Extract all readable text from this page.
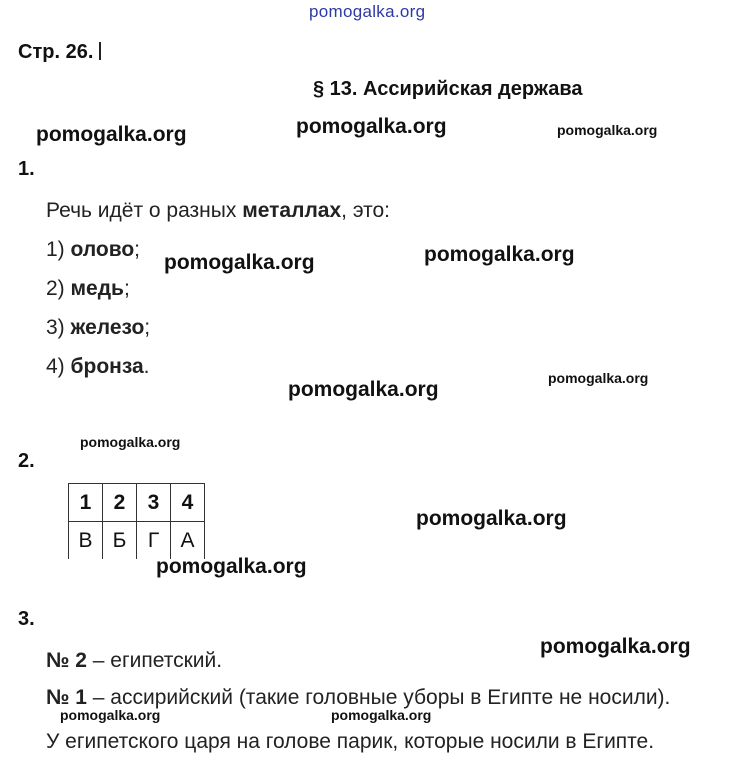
pomogalka.org
Стр. 26.
§ 13. Ассирийская держава
pomogalka.org	pomogalka.org	pomogalka.org
1.
Речь идёт о разных металлах, это:
1) олово;
2) медь;
3) железо;
4) бронза.
pomogalka.org	pomogalka.org
pomogalka.org	pomogalka.org
pomogalka.org
2.
1	2	3	4
В	Б	Г	А
pomogalka.org
pomogalka.org
3.
pomogalka.org
№ 2 – египетский.
№ 1 – ассирийский (такие головные уборы в Египте не носили).
pomogalka.org	pomogalka.org
У египетского царя на голове парик, которые носили в Египте.
